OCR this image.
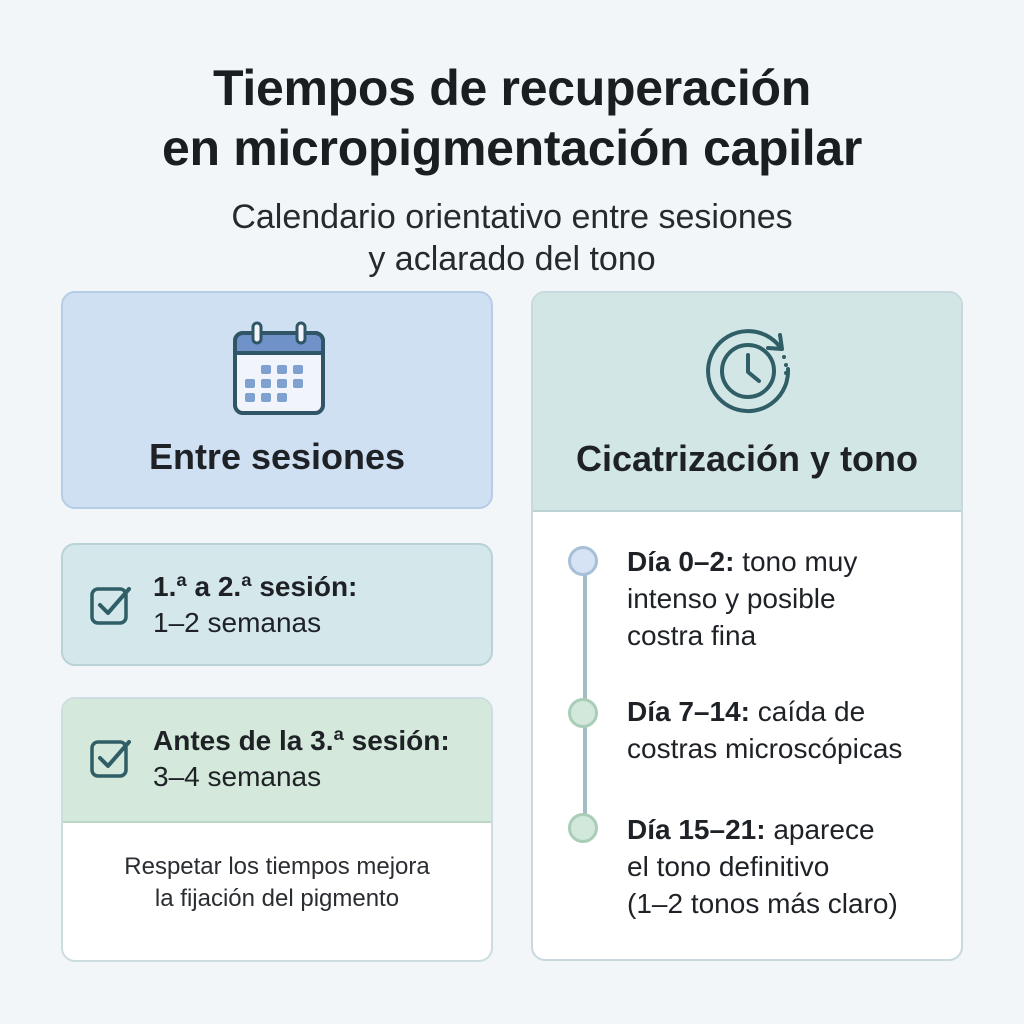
Tiempos de recuperación
en micropigmentación capilar
Calendario orientativo entre sesiones
y aclarado del tono
Entre sesiones
1.ª a 2.ª sesión:
1–2 semanas
Antes de la 3.ª sesión:
3–4 semanas
Respetar los tiempos mejora
la fijación del pigmento
Cicatrización y tono
Día 0–2: tono muy
intenso y posible
costra fina
Día 7–14: caída de
costras microscópicas
Día 15–21: aparece
el tono definitivo
(1–2 tonos más claro)
